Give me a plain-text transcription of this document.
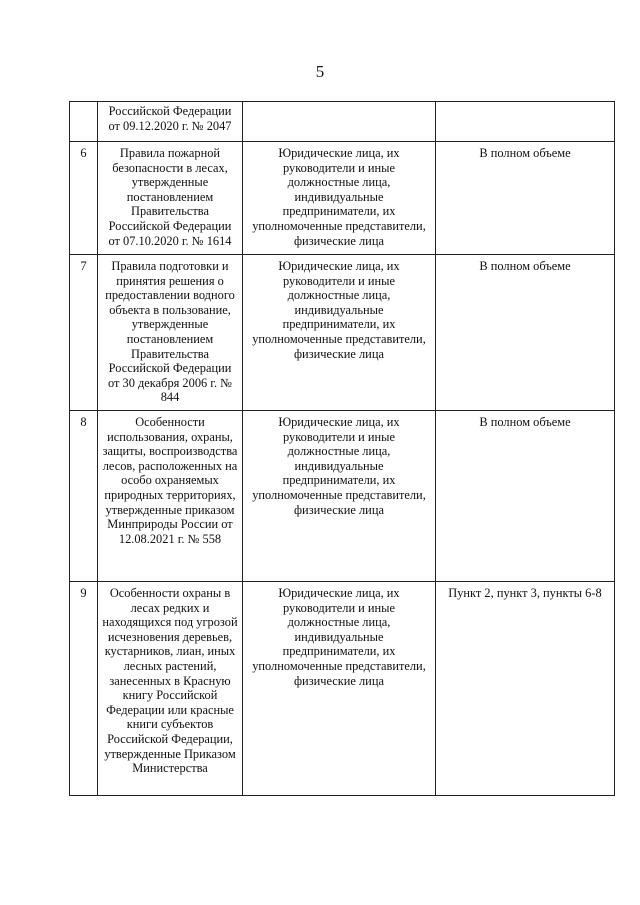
5
	Российской Федерации от 09.12.2020 г. № 2047		
6	Правила пожарной безопасности в лесах, утвержденные постановлением Правительства Российской Федерации от 07.10.2020 г. № 1614	Юридические лица, их руководители и иные должностные лица, индивидуальные предприниматели, их уполномоченные представители, физические лица	В полном объеме
7	Правила подготовки и принятия решения о предоставлении водного объекта в пользование, утвержденные постановлением Правительства Российской Федерации от 30 декабря 2006 г. № 844	Юридические лица, их руководители и иные должностные лица, индивидуальные предприниматели, их уполномоченные представители, физические лица	В полном объеме
8	Особенности использования, охраны, защиты, воспроизводства лесов, расположенных на особо охраняемых природных территориях, утвержденные приказом Минприроды России от 12.08.2021 г. № 558	Юридические лица, их руководители и иные должностные лица, индивидуальные предприниматели, их уполномоченные представители, физические лица	В полном объеме
9	Особенности охраны в лесах редких и находящихся под угрозой исчезновения деревьев, кустарников, лиан, иных лесных растений, занесенных в Красную книгу Российской Федерации или красные книги субъектов Российской Федерации, утвержденные Приказом Министерства	Юридические лица, их руководители и иные должностные лица, индивидуальные предприниматели, их уполномоченные представители, физические лица	Пункт 2, пункт 3, пункты 6-8
